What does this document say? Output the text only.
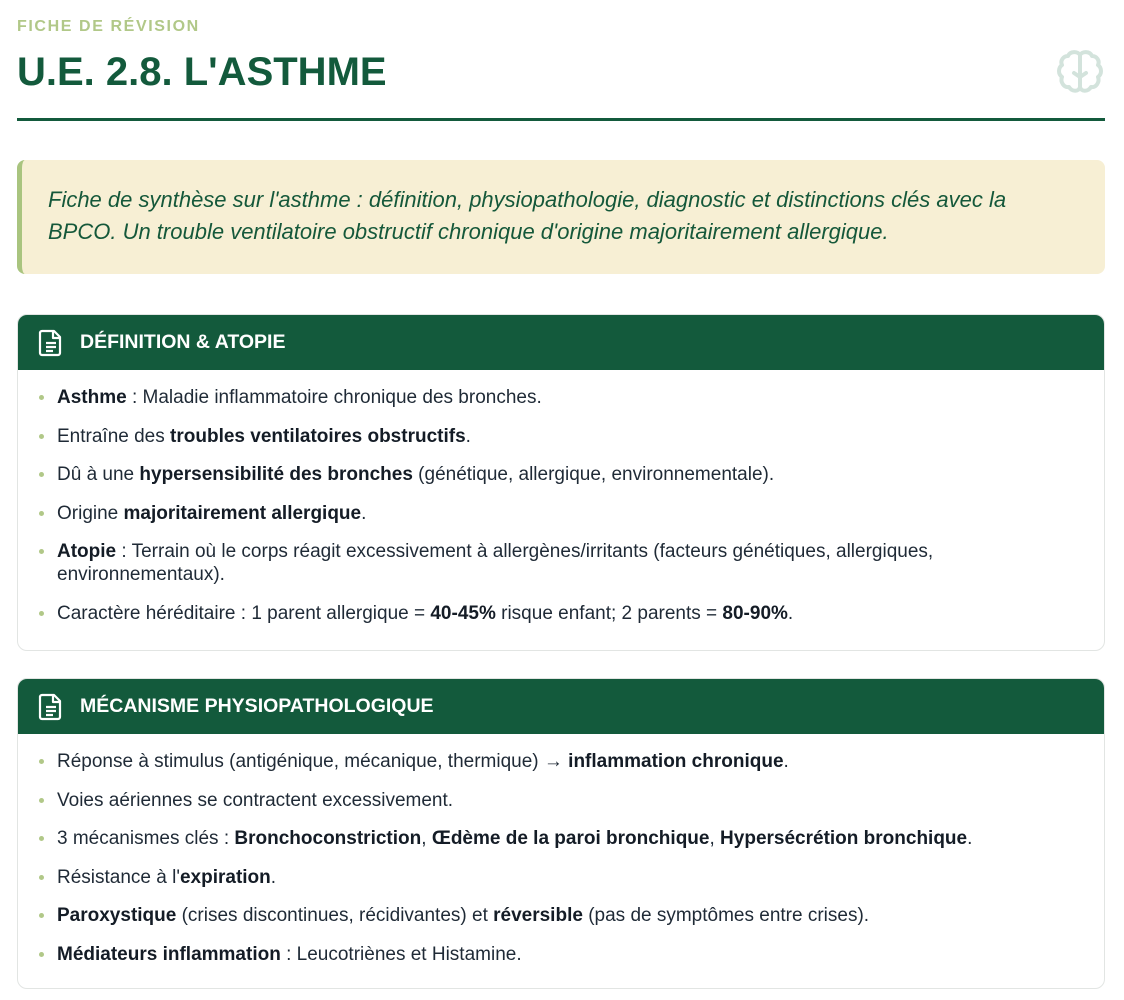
FICHE DE RÉVISION
U.E. 2.8. L'ASTHME
Fiche de synthèse sur l'asthme : définition, physiopathologie, diagnostic et distinctions clés avec la BPCO. Un trouble ventilatoire obstructif chronique d'origine majoritairement allergique.
DÉFINITION & ATOPIE
Asthme : Maladie inflammatoire chronique des bronches.
Entraîne des troubles ventilatoires obstructifs.
Dû à une hypersensibilité des bronches (génétique, allergique, environnementale).
Origine majoritairement allergique.
Atopie : Terrain où le corps réagit excessivement à allergènes/irritants (facteurs génétiques, allergiques, environnementaux).
Caractère héréditaire : 1 parent allergique = 40-45% risque enfant; 2 parents = 80-90%.
MÉCANISME PHYSIOPATHOLOGIQUE
Réponse à stimulus (antigénique, mécanique, thermique) → inflammation chronique.
Voies aériennes se contractent excessivement.
3 mécanismes clés : Bronchoconstriction, Œdème de la paroi bronchique, Hypersécrétion bronchique.
Résistance à l'expiration.
Paroxystique (crises discontinues, récidivantes) et réversible (pas de symptômes entre crises).
Médiateurs inflammation : Leucotriènes et Histamine.
